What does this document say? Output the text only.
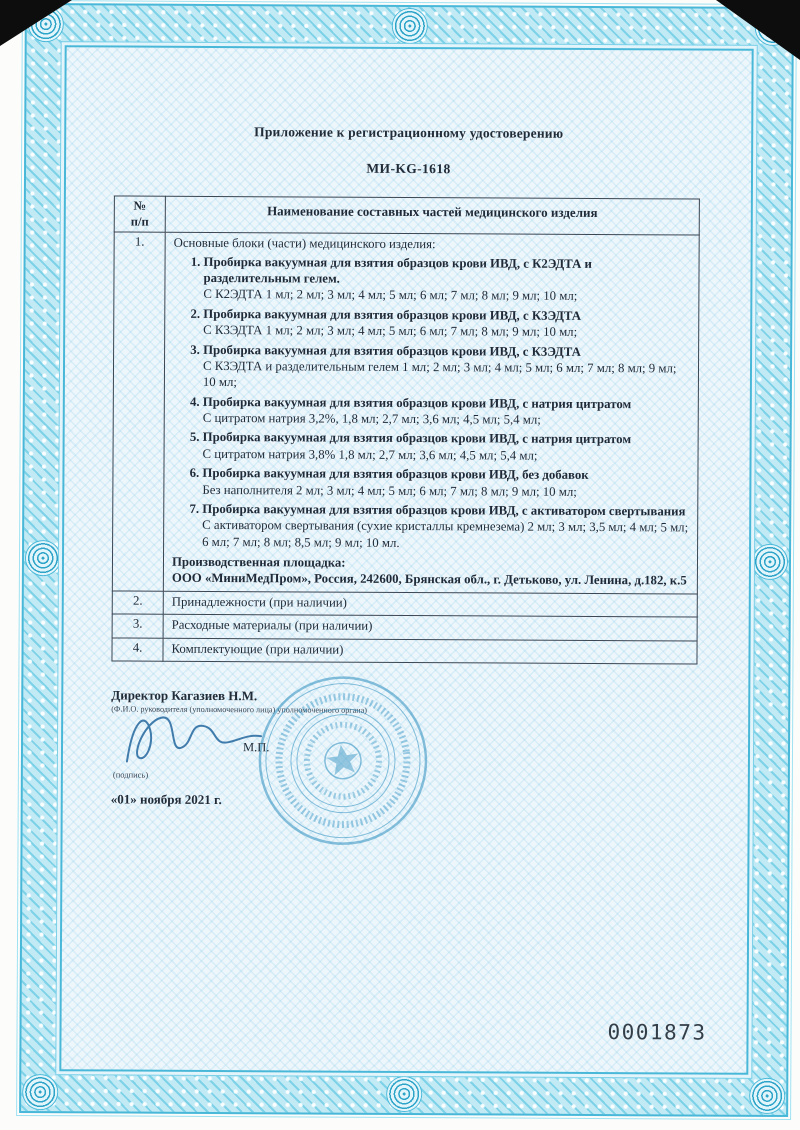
Приложение к регистрационному удостоверению

МИ-KG-1618

№
п/п	Наименование составных частей медицинского изделия
1.	Основные блоки (части) медицинского изделия:

1. Пробирка вакуумная для взятия образцов крови ИВД, с К2ЭДТА и разделительным гелем.
С К2ЭДТА 1 мл; 2 мл; 3 мл; 4 мл; 5 мл; 6 мл; 7 мл; 8 мл; 9 мл; 10 мл;
2. Пробирка вакуумная для взятия образцов крови ИВД, с К3ЭДТА
С К3ЭДТА 1 мл; 2 мл; 3 мл; 4 мл; 5 мл; 6 мл; 7 мл; 8 мл; 9 мл; 10 мл;
3. Пробирка вакуумная для взятия образцов крови ИВД, с К3ЭДТА
С К3ЭДТА и разделительным гелем 1 мл; 2 мл; 3 мл; 4 мл; 5 мл; 6 мл; 7 мл; 8 мл; 9 мл; 10 мл;
4. Пробирка вакуумная для взятия образцов крови ИВД, с натрия цитратом
С цитратом натрия 3,2%, 1,8 мл; 2,7 мл; 3,6 мл; 4,5 мл; 5,4 мл;
5. Пробирка вакуумная для взятия образцов крови ИВД, с натрия цитратом
С цитратом натрия 3,8% 1,8 мл; 2,7 мл; 3,6 мл; 4,5 мл; 5,4 мл;
6. Пробирка вакуумная для взятия образцов крови ИВД, без добавок
Без наполнителя 2 мл; 3 мл; 4 мл; 5 мл; 6 мл; 7 мл; 8 мл; 9 мл; 10 мл;
7. Пробирка вакуумная для взятия образцов крови ИВД, с активатором свертывания
С активатором свертывания (сухие кристаллы кремнезема) 2 мл; 3 мл; 3,5 мл; 4 мл; 5 мл; 6 мл; 7 мл; 8 мл; 8,5 мл; 9 мл; 10 мл.

Производственная площадка:

ООО «МиниМедПром», Россия, 242600, Брянская обл., г. Детьково, ул. Ленина, д.182, к.5

2.	Принадлежности (при наличии)
3.	Расходные материалы (при наличии)
4.	Комплектующие (при наличии)

Директор Кагазиев Н.М.

(Ф.И.О. руководителя (уполномоченного лица) уполномоченного органа)

М.П.
(подпись)
«01» ноября 2021 г.
0001873
